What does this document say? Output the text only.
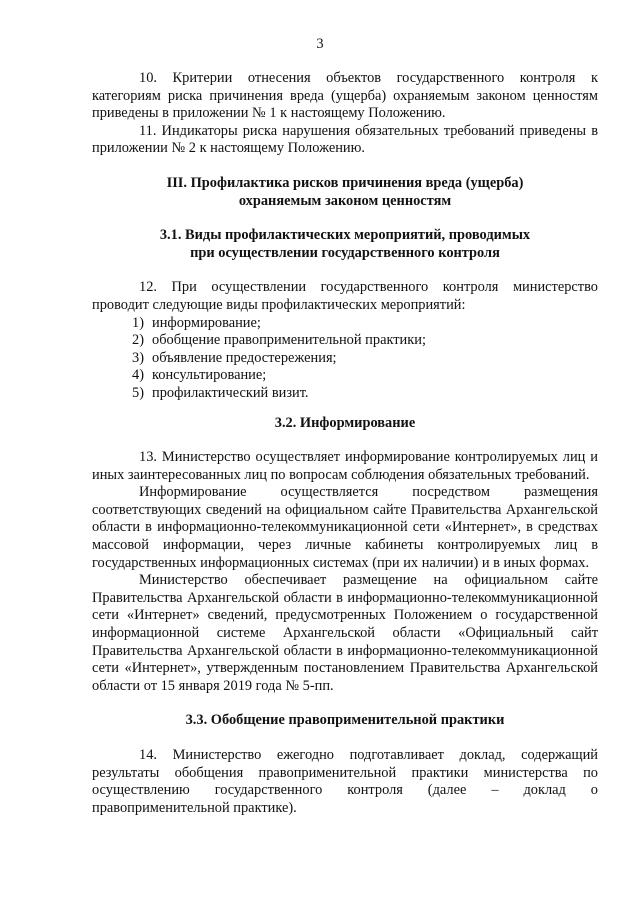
3

10. Критерии отнесения объектов государственного контроля к категориям риска причинения вреда (ущерба) охраняемым законом ценностям приведены в приложении № 1 к настоящему Положению.

11. Индикаторы риска нарушения обязательных требований приведены в приложении № 2 к настоящему Положению.

III. Профилактика рисков причинения вреда (ущерба)
охраняемым законом ценностям
3.1. Виды профилактических мероприятий, проводимых
при осуществлении государственного контроля

12. При осуществлении государственного контроля министерство проводит следующие виды профилактических мероприятий:

1) информирование;
2) обобщение правоприменительной практики;
3) объявление предостережения;
4) консультирование;
5) профилактический визит.
3.2. Информирование

13. Министерство осуществляет информирование контролируемых лиц и иных заинтересованных лиц по вопросам соблюдения обязательных требований.

Информирование осуществляется посредством размещения соответствующих сведений на официальном сайте Правительства Архангельской области в информационно-телекоммуникационной сети «Интернет», в средствах массовой информации, через личные кабинеты контролируемых лиц в государственных информационных системах (при их наличии) и в иных формах.

Министерство обеспечивает размещение на официальном сайте Правительства Архангельской области в информационно-телекоммуникационной сети «Интернет» сведений, предусмотренных Положением о государственной информационной системе Архангельской области «Официальный сайт Правительства Архангельской области в информационно-телекоммуникационной сети «Интернет», утвержденным постановлением Правительства Архангельской области от 15 января 2019 года № 5-пп.

3.3. Обобщение правоприменительной практики

14. Министерство ежегодно подготавливает доклад, содержащий результаты обобщения правоприменительной практики министерства по осуществлению государственного контроля (далее – доклад о правоприменительной практике).
